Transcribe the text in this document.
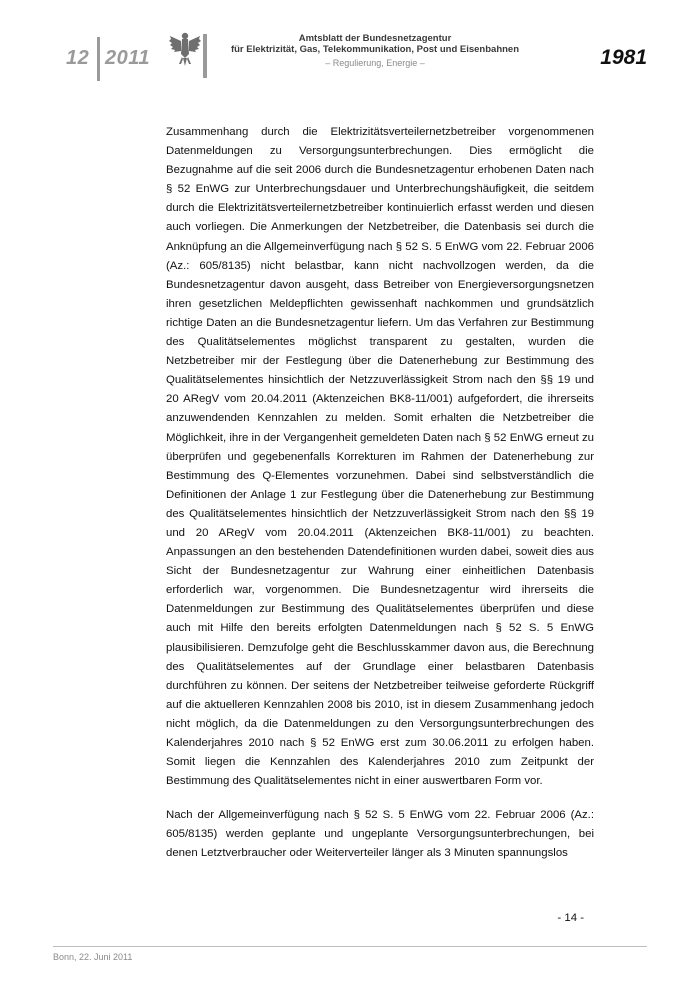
12 2011
Amtsblatt der Bundesnetzagentur
für Elektrizität, Gas, Telekommunikation, Post und Eisenbahnen
– Regulierung, Energie –	1981

Zusammenhang durch die Elektrizitätsverteilernetzbetreiber vorgenommenen Datenmeldungen zu Versorgungsunterbrechungen. Dies ermöglicht die Bezugnahme auf die seit 2006 durch die Bundesnetzagentur erhobenen Daten nach § 52 EnWG zur Unterbrechungsdauer und Unterbrechungshäufigkeit, die seitdem durch die Elektrizitätsverteilernetzbetreiber kontinuierlich erfasst werden und diesen auch vorliegen. Die Anmerkungen der Netzbetreiber, die Datenbasis sei durch die Anknüpfung an die Allgemeinverfügung nach § 52 S. 5 EnWG vom 22. Februar 2006 (Az.: 605/8135) nicht belastbar, kann nicht nachvollzogen werden, da die Bundesnetzagentur davon ausgeht, dass Betreiber von Energieversorgungsnetzen ihren gesetzlichen Meldepflichten gewissenhaft nachkommen und grundsätzlich richtige Daten an die Bundesnetzagentur liefern. Um das Verfahren zur Bestimmung des Qualitätselementes möglichst transparent zu gestalten, wurden die Netzbetreiber mir der Festlegung über die Datenerhebung zur Bestimmung des Qualitätselementes hinsichtlich der Netzzuverlässigkeit Strom nach den §§ 19 und 20 ARegV vom 20.04.2011 (Aktenzeichen BK8-11/001) aufgefordert, die ihrerseits anzuwendenden Kennzahlen zu melden. Somit erhalten die Netzbetreiber die Möglichkeit, ihre in der Vergangenheit gemeldeten Daten nach § 52 EnWG erneut zu überprüfen und gegebenenfalls Korrekturen im Rahmen der Datenerhebung zur Bestimmung des Q-Elementes vorzunehmen. Dabei sind selbstverständlich die Definitionen der Anlage 1 zur Festlegung über die Datenerhebung zur Bestimmung des Qualitätselementes hinsichtlich der Netzzuverlässigkeit Strom nach den §§ 19 und 20 ARegV vom 20.04.2011 (Aktenzeichen BK8-11/001) zu beachten. Anpassungen an den bestehenden Datendefinitionen wurden dabei, soweit dies aus Sicht der Bundesnetzagentur zur Wahrung einer einheitlichen Datenbasis erforderlich war, vorgenommen. Die Bundesnetzagentur wird ihrerseits die Datenmeldungen zur Bestimmung des Qualitätselementes überprüfen und diese auch mit Hilfe den bereits erfolgten Datenmeldungen nach § 52 S. 5 EnWG plausibilisieren. Demzufolge geht die Beschlusskammer davon aus, die Berechnung des Qualitätselementes auf der Grundlage einer belastbaren Datenbasis durchführen zu können. Der seitens der Netzbetreiber teilweise geforderte Rückgriff auf die aktuelleren Kennzahlen 2008 bis 2010, ist in diesem Zusammenhang jedoch nicht möglich, da die Datenmeldungen zu den Versorgungsunterbrechungen des Kalenderjahres 2010 nach § 52 EnWG erst zum 30.06.2011 zu erfolgen haben. Somit liegen die Kennzahlen des Kalenderjahres 2010 zum Zeitpunkt der Bestimmung des Qualitätselementes nicht in einer auswertbaren Form vor.

Nach der Allgemeinverfügung nach § 52 S. 5 EnWG vom 22. Februar 2006 (Az.: 605/8135) werden geplante und ungeplante Versorgungsunterbrechungen, bei denen Letztverbraucher oder Weiterverteiler länger als 3 Minuten spannungslos

- 14 -
Bonn, 22. Juni 2011
